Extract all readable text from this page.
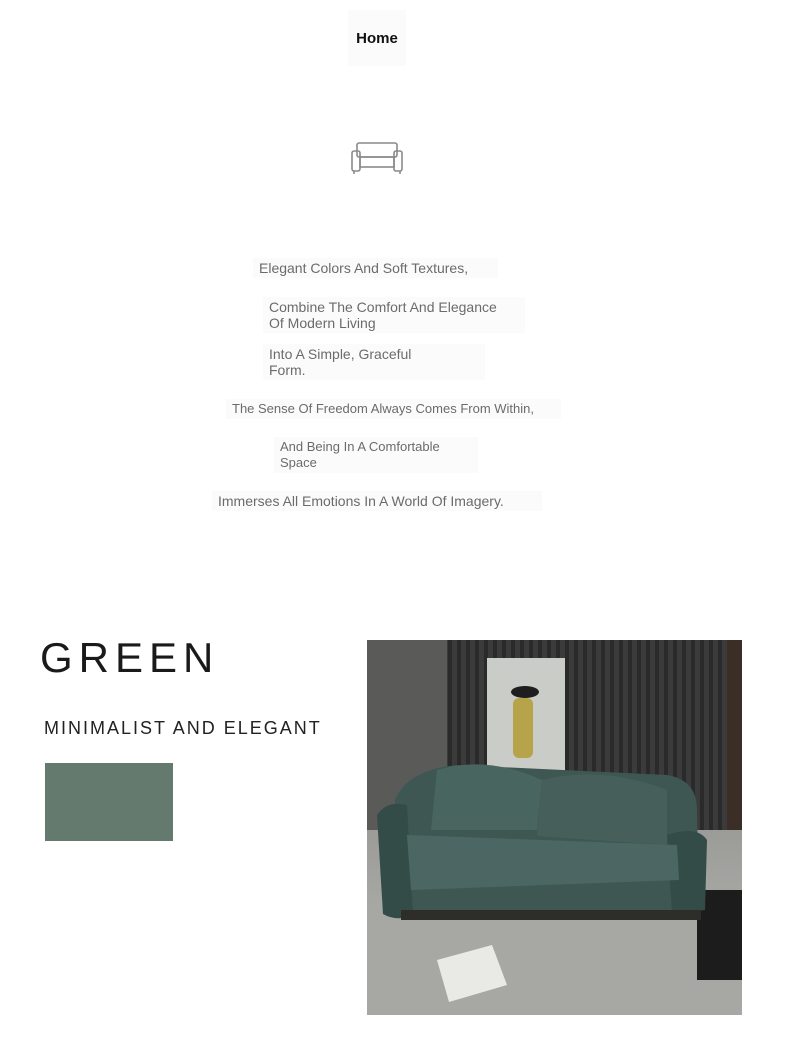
Home
Elegant Colors And Soft Textures,
Combine The Comfort And Elegance
Of Modern Living
Into A Simple, Graceful
Form.
The Sense Of Freedom Always Comes From Within,
And Being In A Comfortable
Space
Immerses All Emotions In A World Of Imagery.
GREEN

MINIMALIST AND ELEGANT
